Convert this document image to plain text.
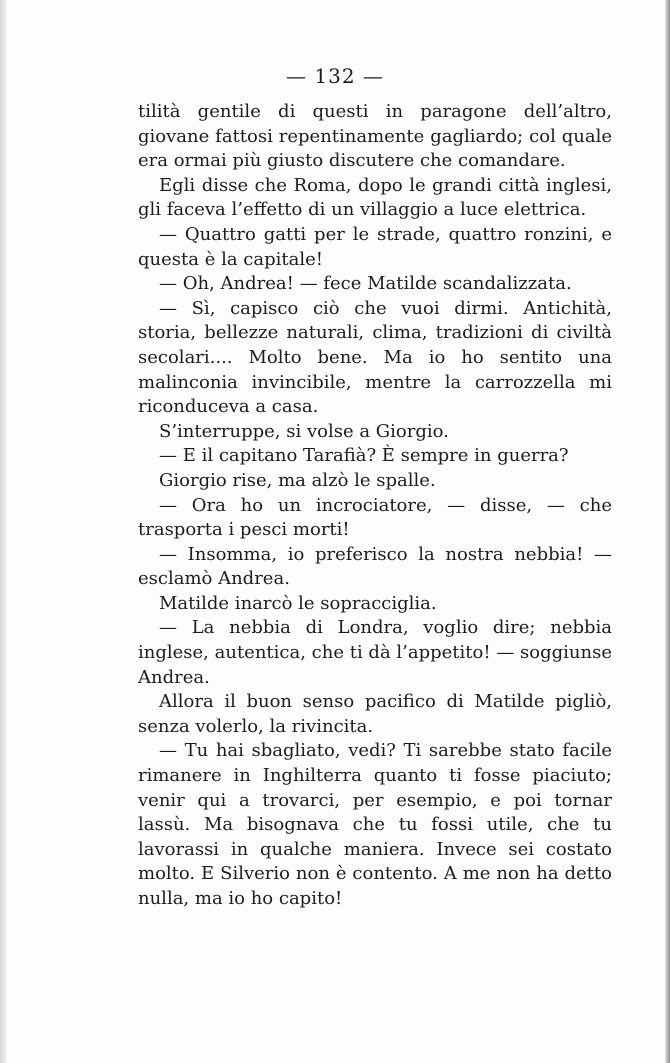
— 132 —

tilità gentile di questi in paragone dell’altro, giovane fattosi repentinamente gagliardo; col quale era ormai più giusto discutere che comandare.

Egli disse che Roma, dopo le grandi città inglesi, gli faceva l’effetto di un villaggio a luce elettrica.

— Quattro gatti per le strade, quattro ronzini, e questa è la capitale!

— Oh, Andrea! — fece Matilde scandalizzata.

— Sì, capisco ciò che vuoi dirmi. Antichità, storia, bellezze naturali, clima, tradizioni di civiltà secolari.... Molto bene. Ma io ho sentito una malinconia invincibile, mentre la carrozzella mi riconduceva a casa.

S’interruppe, si volse a Giorgio.

— E il capitano Tarafià? È sempre in guerra?

Giorgio rise, ma alzò le spalle.

— Ora ho un incrociatore, — disse, — che trasporta i pesci morti!

— Insomma, io preferisco la nostra nebbia! — esclamò Andrea.

Matilde inarcò le sopracciglia.

— La nebbia di Londra, voglio dire; nebbia inglese, autentica, che ti dà l’appetito! — soggiunse Andrea.

Allora il buon senso pacifico di Matilde pigliò, senza volerlo, la rivincita.

— Tu hai sbagliato, vedi? Ti sarebbe stato facile rimanere in Inghilterra quanto ti fosse piaciuto; venir qui a trovarci, per esempio, e poi tornar lassù. Ma bisognava che tu fossi utile, che tu lavorassi in qualche maniera. Invece sei costato molto. E Silverio non è contento. A me non ha detto nulla, ma io ho capito!
